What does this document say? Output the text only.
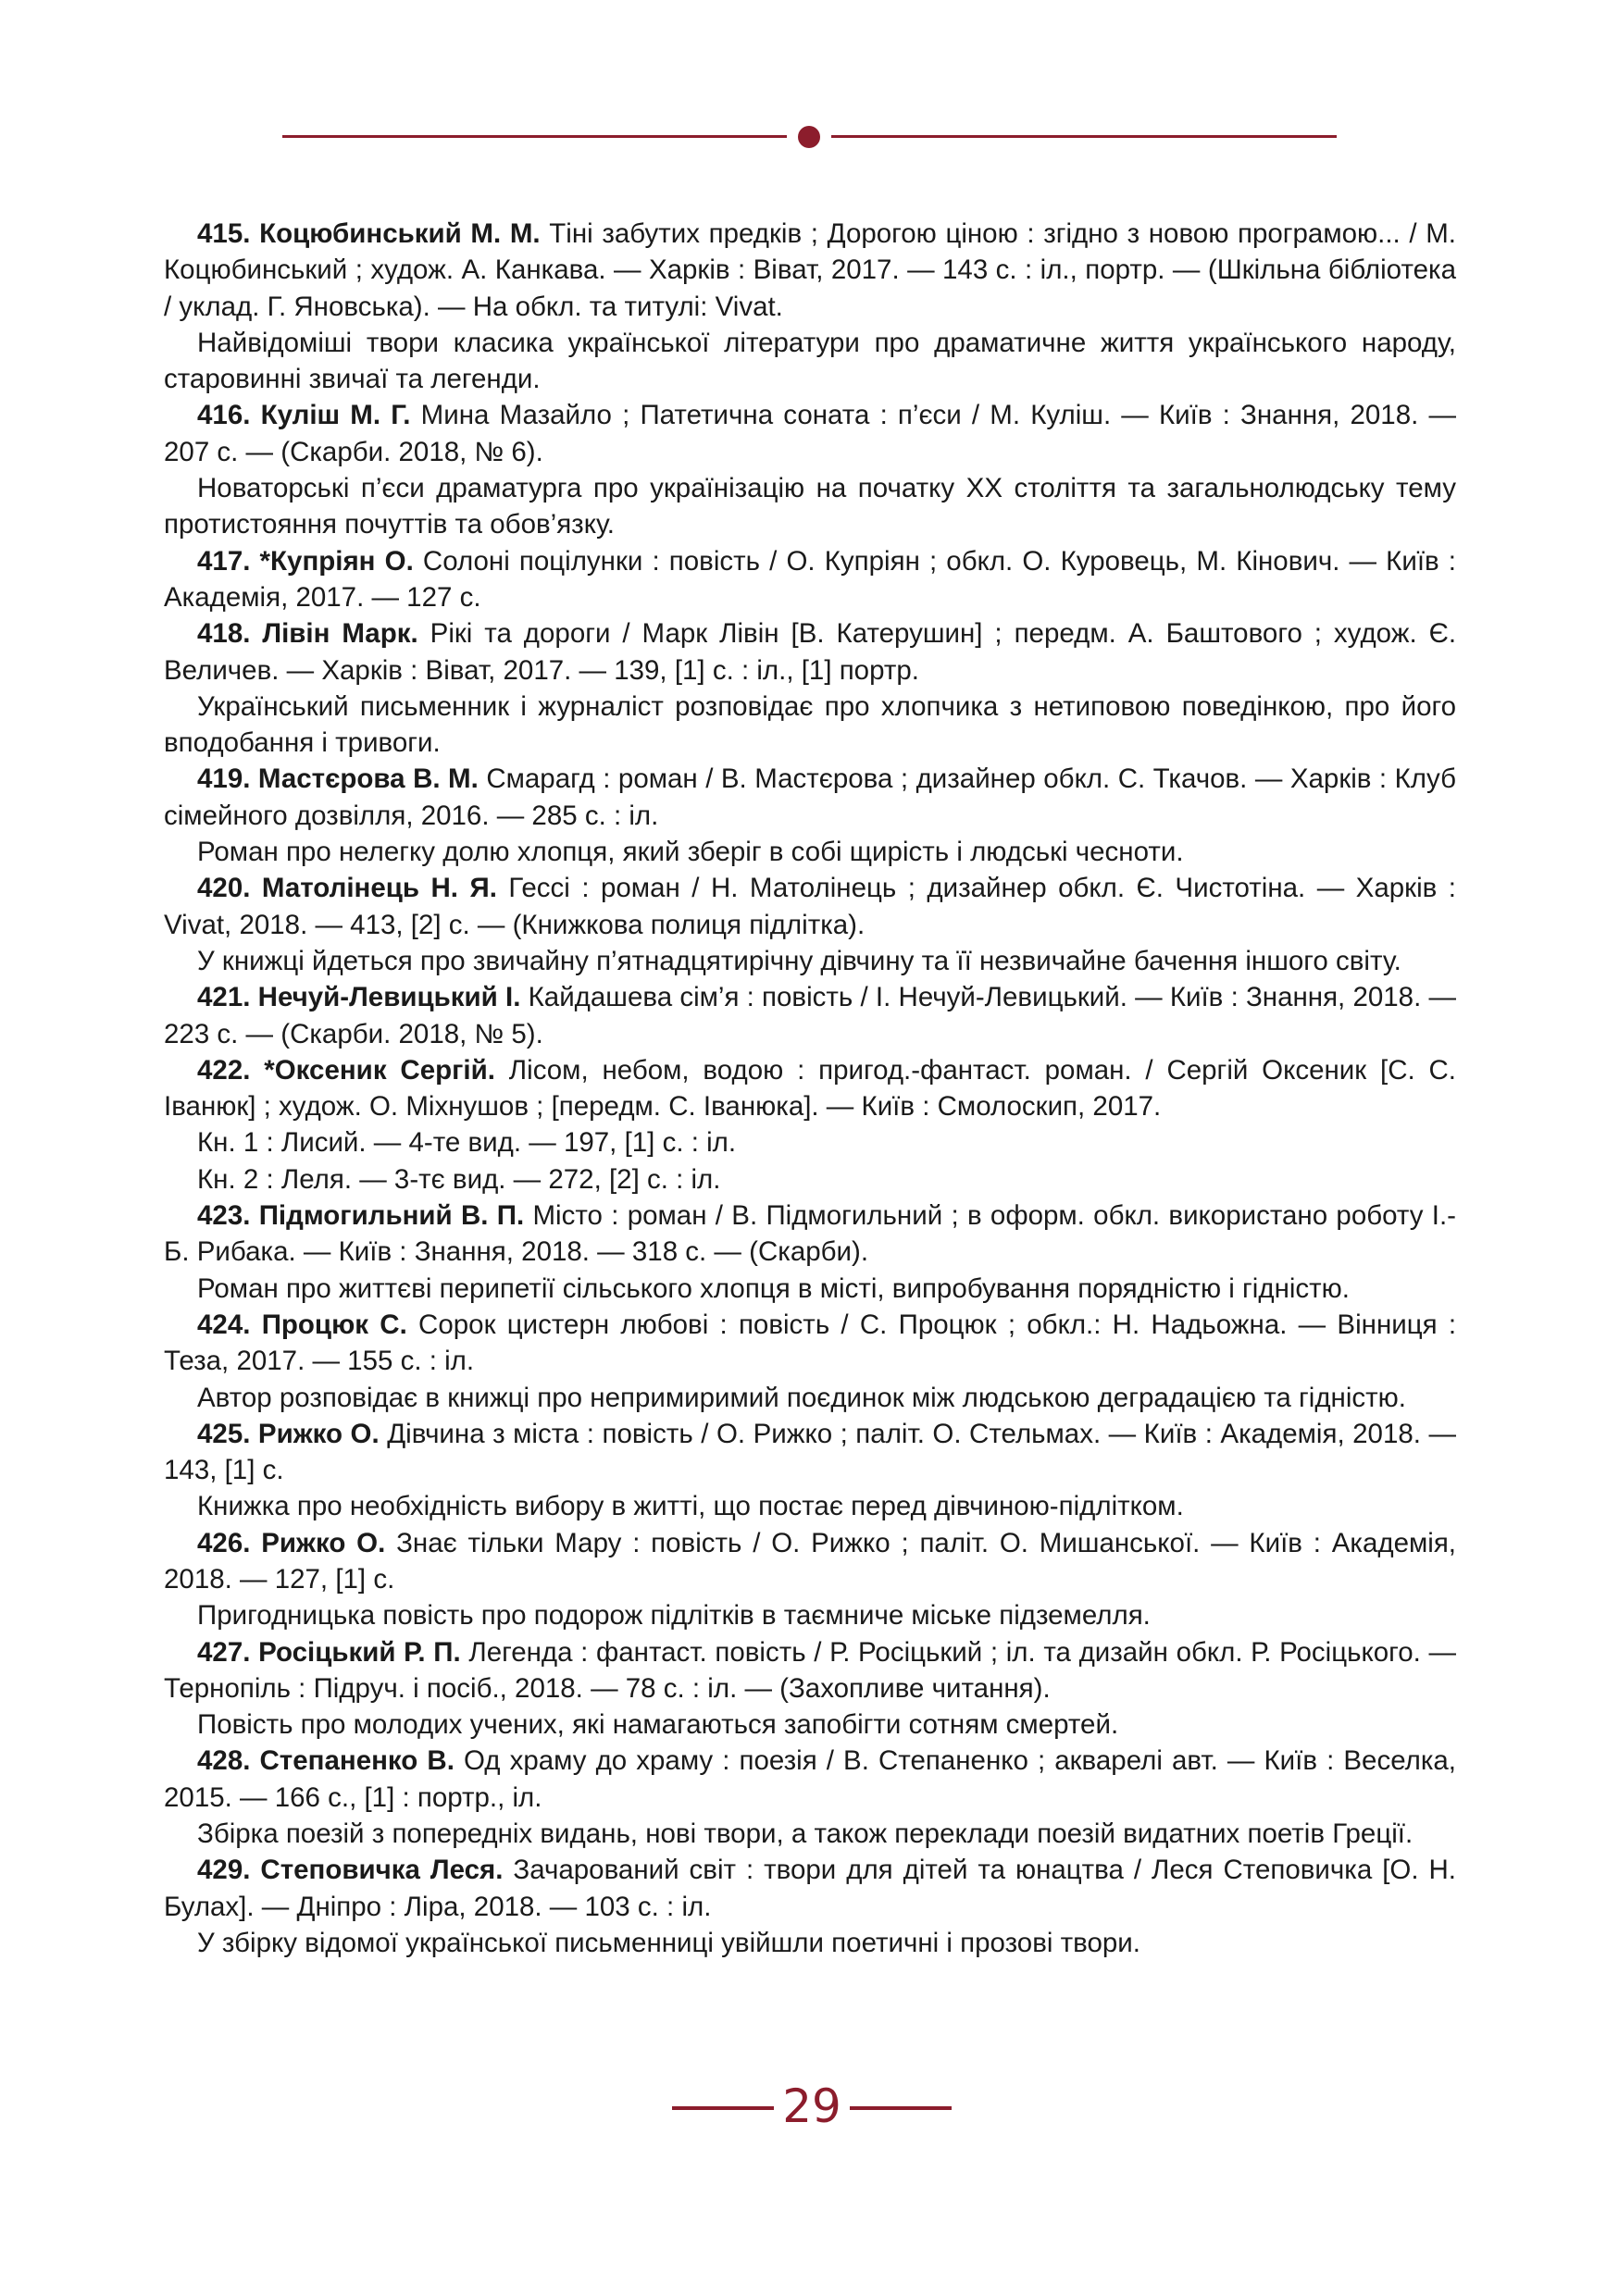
415. Коцюбинський М. М. Тіні забутих предків ; Дорогою ціною : згідно з новою програмою... / М. Коцюбинський ; худож. А. Канкава. — Харків : Віват, 2017. — 143 с. : іл., портр. — (Шкільна бібліотека / уклад. Г. Яновська). — На обкл. та титулі: Vivat.

Найвідоміші твори класика української літератури про драматичне життя українського народу, старовинні звичаї та легенди.

416. Куліш М. Г. Мина Мазайло ; Патетична соната : п’єси / М. Куліш. — Київ : Знання, 2018. — 207 с. — (Скарби. 2018, № 6).

Новаторські п’єси драматурга про українізацію на початку ХХ століття та загальнолюдську тему протистояння почуттів та обов’язку.

417. *Купріян О. Солоні поцілунки : повість / О. Купріян ; обкл. О. Куровець, М. Кінович. — Київ : Академія, 2017. — 127 с.

418. Лівін Марк. Рікі та дороги / Марк Лівін [В. Катерушин] ; передм. А. Баштового ; худож. Є. Величев. — Харків : Віват, 2017. — 139, [1] с. : іл., [1] портр.

Український письменник і журналіст розповідає про хлопчика з нетиповою поведінкою, про його вподобання і тривоги.

419. Мастєрова В. М. Смарагд : роман / В. Мастєрова ; дизайнер обкл. С. Ткачов. — Харків : Клуб сімейного дозвілля, 2016. — 285 с. : іл.

Роман про нелегку долю хлопця, який зберіг в собі щирість і людські чесноти.

420. Матолінець Н. Я. Гессі : роман / Н. Матолінець ; дизайнер обкл. Є. Чистотіна. — Харків : Vivat, 2018. — 413, [2] с. — (Книжкова полиця підлітка).

У книжці йдеться про звичайну п’ятнадцятирічну дівчину та її незвичайне бачення іншого світу.

421. Нечуй-Левицький І. Кайдашева сім’я : повість / І. Нечуй-Левицький. — Київ : Знання, 2018. — 223 с. — (Скарби. 2018, № 5).

422. *Оксеник Сергій. Лісом, небом, водою : пригод.-фантаст. роман. / Сергій Оксеник [С. С. Іванюк] ; худож. О. Міхнушов ; [передм. С. Іванюка]. — Київ : Смолоскип, 2017.

Кн. 1 : Лисий. — 4-те вид. — 197, [1] с. : іл.

Кн. 2 : Леля. — 3-тє вид. — 272, [2] с. : іл.

423. Підмогильний В. П. Місто : роман / В. Підмогильний ; в оформ. обкл. використано роботу І.-Б. Рибака. — Київ : Знання, 2018. — 318 с. — (Скарби).

Роман про життєві перипетії сільського хлопця в місті, випробування порядністю і гідністю.

424. Процюк С. Сорок цистерн любові : повість / С. Процюк ; обкл.: Н. Надьожна. — Вінниця : Теза, 2017. — 155 с. : іл.

Автор розповідає в книжці про непримиримий поєдинок між людською деградацією та гідністю.

425. Рижко О. Дівчина з міста : повість / О. Рижко ; паліт. О. Стельмах. — Київ : Академія, 2018. — 143, [1] с.

Книжка про необхідність вибору в житті, що постає перед дівчиною-підлітком.

426. Рижко О. Знає тільки Мару : повість / О. Рижко ; паліт. О. Мишанської. — Київ : Академія, 2018. — 127, [1] с.

Пригодницька повість про подорож підлітків в таємниче міське підземелля.

427. Росіцький Р. П. Легенда : фантаст. повість / Р. Росіцький ; іл. та дизайн обкл. Р. Росіцького. — Тернопіль : Підруч. і посіб., 2018. — 78 с. : іл. — (Захопливе читання).

Повість про молодих учених, які намагаються запобігти сотням смертей.

428. Степаненко В. Од храму до храму : поезія / В. Степаненко ; акварелі авт. — Київ : Веселка, 2015. — 166 с., [1] : портр., іл.

Збірка поезій з попередніх видань, нові твори, а також переклади поезій видатних поетів Греції.

429. Степовичка Леся. Зачарований світ : твори для дітей та юнацтва / Леся Степовичка [О. Н. Булах]. — Дніпро : Ліра, 2018. — 103 с. : іл.

У збірку відомої української письменниці увійшли поетичні і прозові твори.

29
